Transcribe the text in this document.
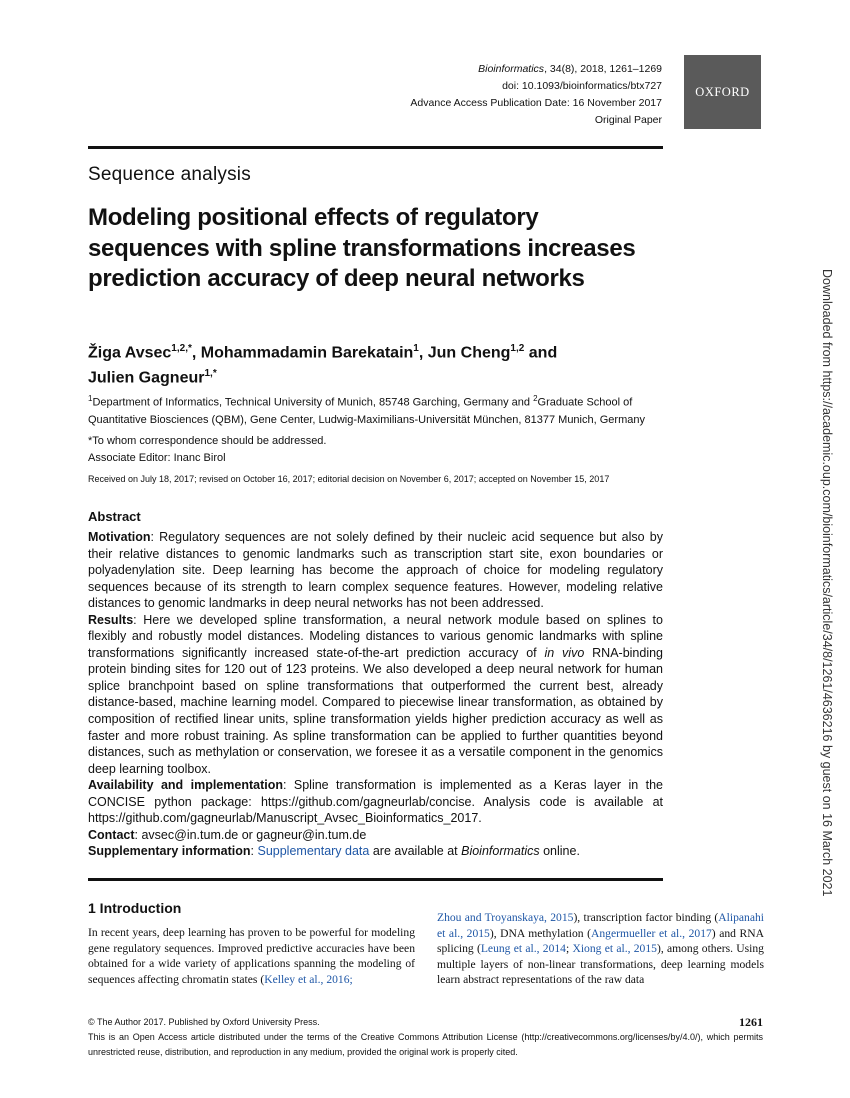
Bioinformatics, 34(8), 2018, 1261–1269
doi: 10.1093/bioinformatics/btx727
Advance Access Publication Date: 16 November 2017
Original Paper
OXFORD
Sequence analysis
Modeling positional effects of regulatory sequences with spline transformations increases prediction accuracy of deep neural networks
Žiga Avsec$^{1,2,*}$, Mohammadamin Barekatain$^1$, Jun Cheng$^{1,2}$ and
Julien Gagneur$^{1,*}$
$^1$Department of Informatics, Technical University of Munich, 85748 Garching, Germany and $^2$Graduate School of Quantitative Biosciences (QBM), Gene Center, Ludwig-Maximilians-Universität München, 81377 Munich, Germany
*To whom correspondence should be addressed.
Associate Editor: Inanc Birol
Received on July 18, 2017; revised on October 16, 2017; editorial decision on November 6, 2017; accepted on November 15, 2017
Abstract

Motivation: Regulatory sequences are not solely defined by their nucleic acid sequence but also by their relative distances to genomic landmarks such as transcription start site, exon boundaries or polyadenylation site. Deep learning has become the approach of choice for modeling regulatory sequences because of its strength to learn complex sequence features. However, modeling relative distances to genomic landmarks in deep neural networks has not been addressed.

Results: Here we developed spline transformation, a neural network module based on splines to flexibly and robustly model distances. Modeling distances to various genomic landmarks with spline transformations significantly increased state-of-the-art prediction accuracy of in vivo RNA-binding protein binding sites for 120 out of 123 proteins. We also developed a deep neural network for human splice branchpoint based on spline transformations that outperformed the current best, already distance-based, machine learning model. Compared to piecewise linear transformation, as obtained by composition of rectified linear units, spline transformation yields higher prediction accuracy as well as faster and more robust training. As spline transformation can be applied to further quantities beyond distances, such as methylation or conservation, we foresee it as a versatile component in the genomics deep learning toolbox.

Availability and implementation: Spline transformation is implemented as a Keras layer in the CONCISE python package: https://github.com/gagneurlab/concise. Analysis code is available at https://github.com/gagneurlab/Manuscript_Avsec_Bioinformatics_2017.

Contact: avsec@in.tum.de or gagneur@in.tum.de

Supplementary information: Supplementary data are available at Bioinformatics online.

1 Introduction
In recent years, deep learning has proven to be powerful for modeling gene regulatory sequences. Improved predictive accuracies have been obtained for a wide variety of applications spanning the modeling of sequences affecting chromatin states (Kelley et al., 2016;
Zhou and Troyanskaya, 2015), transcription factor binding (Alipanahi et al., 2015), DNA methylation (Angermueller et al., 2017) and RNA splicing (Leung et al., 2014; Xiong et al., 2015), among others. Using multiple layers of non-linear transformations, deep learning models learn abstract representations of the raw data
© The Author 2017. Published by Oxford University Press.	1261
This is an Open Access article distributed under the terms of the Creative Commons Attribution License (http://creativecommons.org/licenses/by/4.0/), which permits unrestricted reuse, distribution, and reproduction in any medium, provided the original work is properly cited.
Downloaded from https://academic.oup.com/bioinformatics/article/34/8/1261/4636216 by guest on 16 March 2021
